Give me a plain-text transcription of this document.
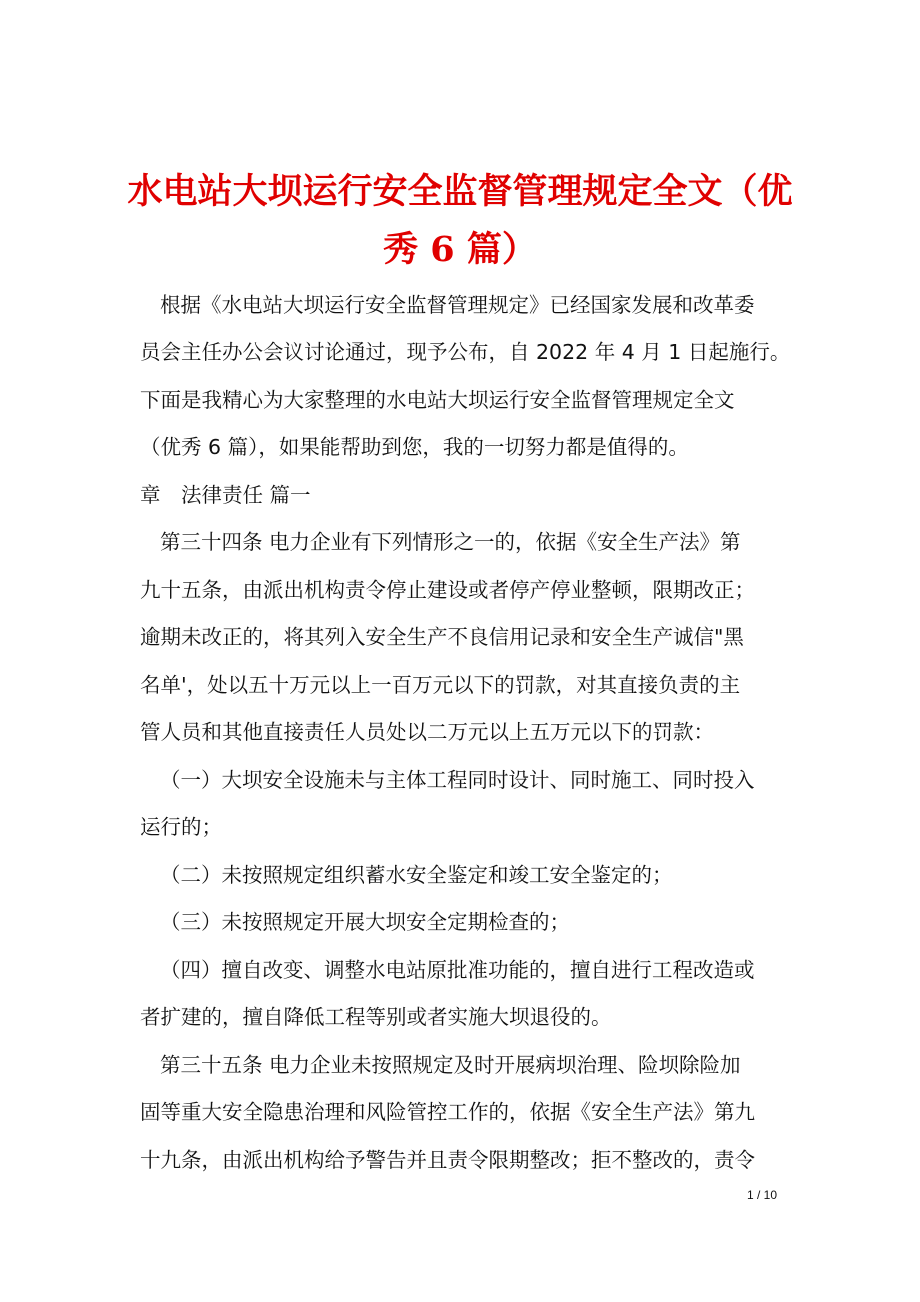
水电站大坝运行安全监督管理规定全文（优
秀 6 篇）
根据《水电站大坝运行安全监督管理规定》已经国家发展和改革委
员会主任办公会议讨论通过，现予公布，自 2022 年 4 月 1 日起施行。
下面是我精心为大家整理的水电站大坝运行安全监督管理规定全文
（优秀 6 篇），如果能帮助到您，我的一切努力都是值得的。
章　法律责任 篇一
第三十四条 电力企业有下列情形之一的，依据《安全生产法》第
九十五条，由派出机构责令停止建设或者停产停业整顿，限期改正；
逾期未改正的，将其列入安全生产不良信用记录和安全生产诚信"黑
名单'，处以五十万元以上一百万元以下的罚款，对其直接负责的主
管人员和其他直接责任人员处以二万元以上五万元以下的罚款：
（一）大坝安全设施未与主体工程同时设计、同时施工、同时投入
运行的；
（二）未按照规定组织蓄水安全鉴定和竣工安全鉴定的；
（三）未按照规定开展大坝安全定期检查的；
（四）擅自改变、调整水电站原批准功能的，擅自进行工程改造或
者扩建的，擅自降低工程等别或者实施大坝退役的。
第三十五条 电力企业未按照规定及时开展病坝治理、险坝除险加
固等重大安全隐患治理和风险管控工作的，依据《安全生产法》第九
十九条，由派出机构给予警告并且责令限期整改；拒不整改的，责令
1 / 10
